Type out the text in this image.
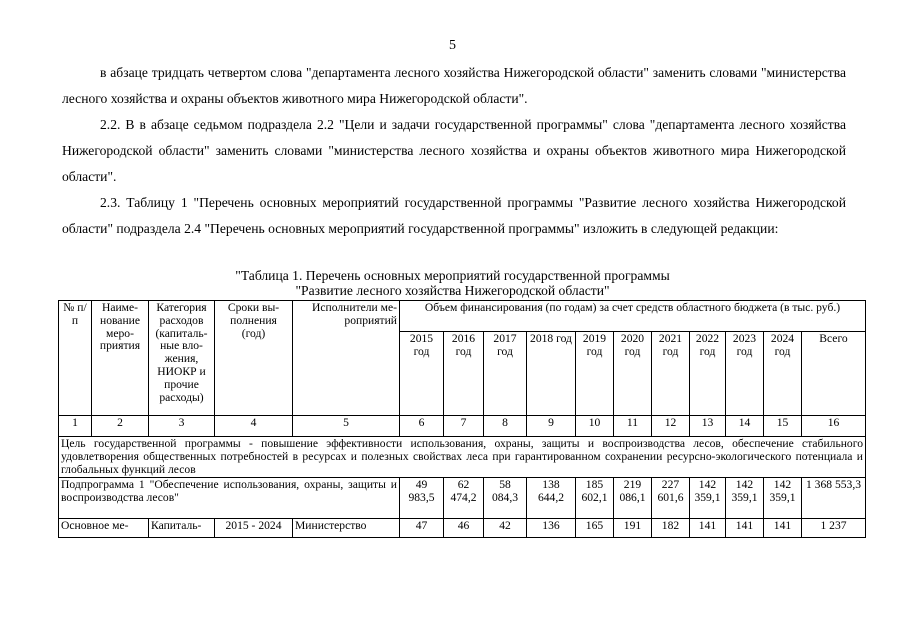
5

в абзаце тридцать четвертом слова "департамента лесного хозяйства Нижегородской области" заменить словами "министерства лесного хозяйства и охраны объектов животного мира Нижегородской области".

2.2. В в абзаце седьмом подраздела 2.2 "Цели и задачи государственной программы" слова "департамента лесного хозяйства Нижегородской области" заменить словами "министерства лесного хозяйства и охраны объектов животного мира Нижегородской области".

2.3. Таблицу 1 "Перечень основных мероприятий государственной программы "Развитие лесного хозяйства Нижегородской области" подраздела 2.4 "Перечень основных мероприятий государственной программы" изложить в следующей редакции:

"Таблица 1. Перечень основных мероприятий государственной программы
"Развитие лесного хозяйства Нижегородской области"
№ п/п	Наиме-нование меро-приятия	Категория расходов (капиталь-ные вло-жения, НИОКР и прочие расходы)	Сроки вы-полнения (год)	Исполнители ме-роприятий	Объем финансирования (по годам) за счет средств областного бюджета (в тыс. руб.)										
					2015 год	2016 год	2017 год	2018 год	2019 год	2020 год	2021 год	2022 год	2023 год	2024 год	Всего
1	2	3	4	5	6	7	8	9	10	11	12	13	14	15	16
Цель государственной программы - повышение эффективности использования, охраны, защиты и воспроизводства лесов, обеспечение стабильного удовлетворения общественных потребностей в ресурсах и полезных свойствах леса при гарантированном сохранении ресурсно-экологического потенциала и глобальных функций лесов															
Подпрограмма 1 "Обеспечение использования, охраны, защиты и воспроизводства лесов"					49 983,5	62 474,2	58 084,3	138 644,2	185 602,1	219 086,1	227 601,6	142 359,1	142 359,1	142 359,1	1 368 553,3
Основное ме-		Капиталь-	2015 - 2024	Министерство	47	46	42	136	165	191	182	141	141	141	1 237
